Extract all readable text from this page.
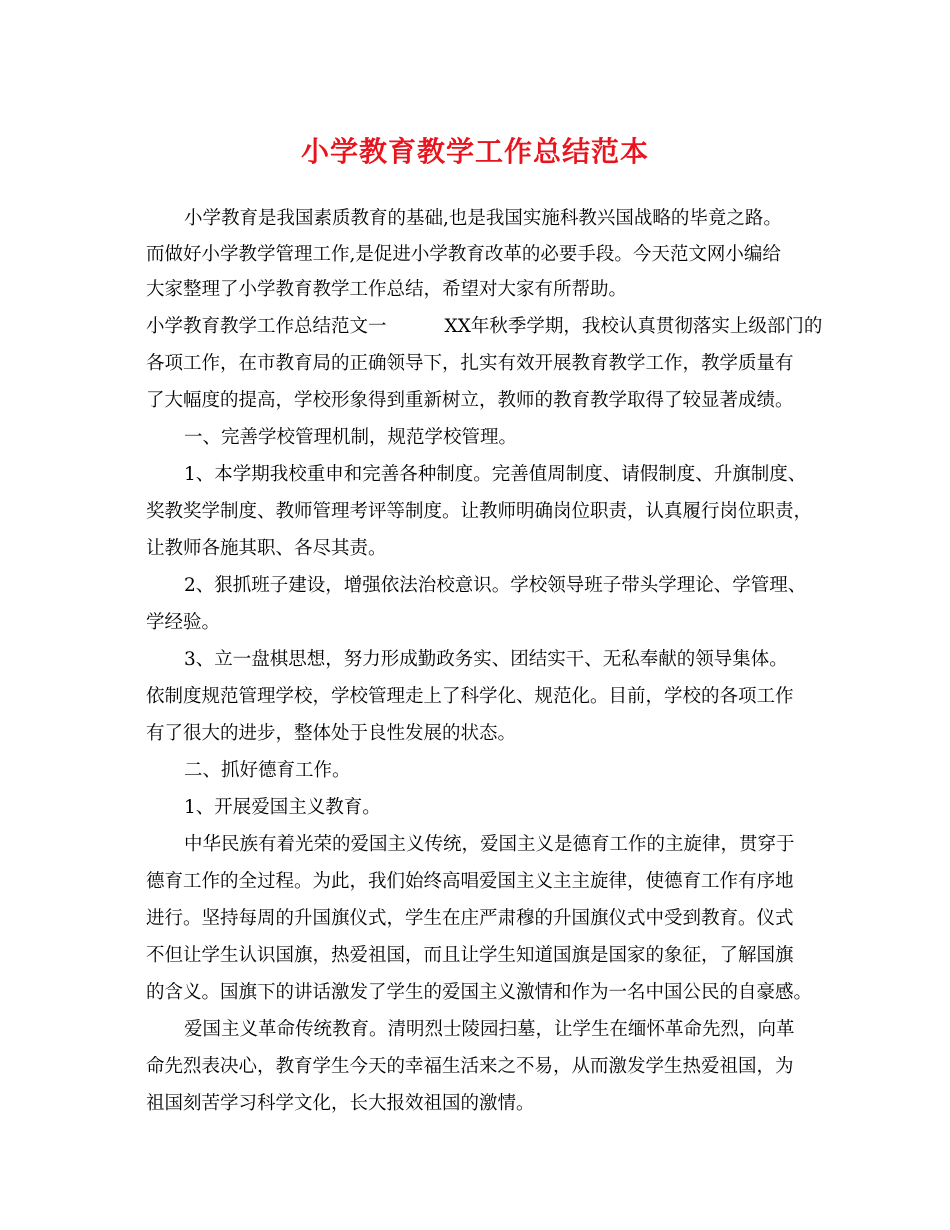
小学教育教学工作总结范本
小学教育是我国素质教育的基础,也是我国实施科教兴国战略的毕竟之路。
而做好小学教学管理工作,是促进小学教育改革的必要手段。今天范文网小编给
大家整理了小学教育教学工作总结，希望对大家有所帮助。
小学教育教学工作总结范文一	XX年秋季学期，我校认真贯彻落实上级部门的
各项工作，在市教育局的正确领导下，扎实有效开展教育教学工作，教学质量有
了大幅度的提高，学校形象得到重新树立，教师的教育教学取得了较显著成绩。
一、完善学校管理机制，规范学校管理。
1、本学期我校重申和完善各种制度。完善值周制度、请假制度、升旗制度、
奖教奖学制度、教师管理考评等制度。让教师明确岗位职责，认真履行岗位职责，
让教师各施其职、各尽其责。
2、狠抓班子建设，增强依法治校意识。学校领导班子带头学理论、学管理、
学经验。
3、立一盘棋思想，努力形成勤政务实、团结实干、无私奉献的领导集体。
依制度规范管理学校，学校管理走上了科学化、规范化。目前，学校的各项工作
有了很大的进步，整体处于良性发展的状态。
二、抓好德育工作。
1、开展爱国主义教育。
中华民族有着光荣的爱国主义传统，爱国主义是德育工作的主旋律，贯穿于
德育工作的全过程。为此，我们始终高唱爱国主义主主旋律，使德育工作有序地
进行。坚持每周的升国旗仪式，学生在庄严肃穆的升国旗仪式中受到教育。仪式
不但让学生认识国旗，热爱祖国，而且让学生知道国旗是国家的象征，了解国旗
的含义。国旗下的讲话激发了学生的爱国主义激情和作为一名中国公民的自豪感。
爱国主义革命传统教育。清明烈士陵园扫墓，让学生在缅怀革命先烈，向革
命先烈表决心，教育学生今天的幸福生活来之不易，从而激发学生热爱祖国，为
祖国刻苦学习科学文化，长大报效祖国的激情。
